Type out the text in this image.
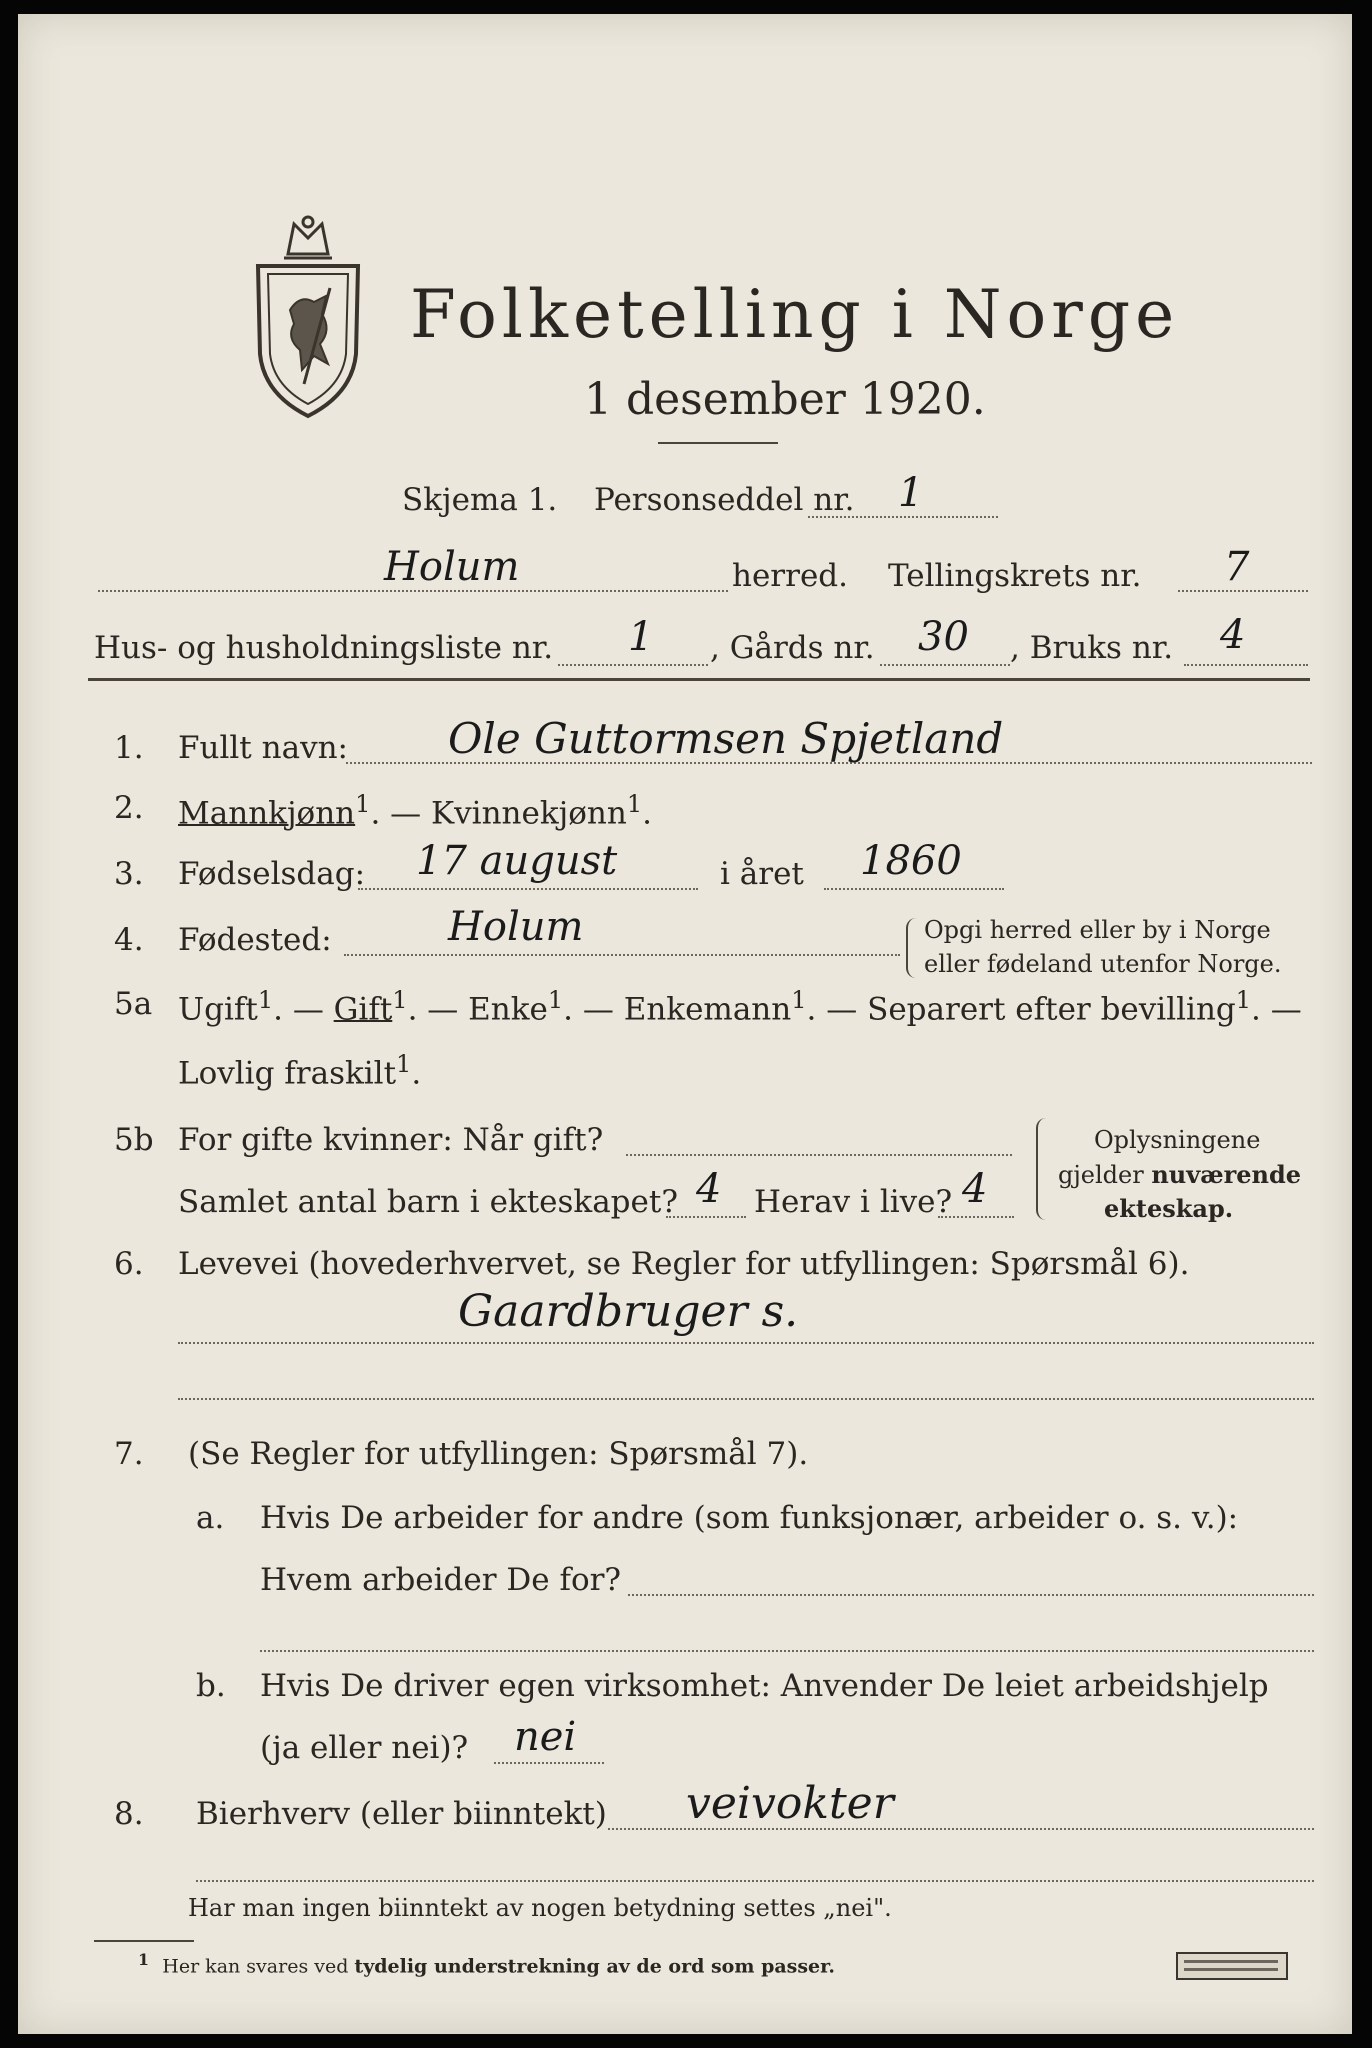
Folketelling i Norge
1 desember 1920.
Skjema 1. Personseddel nr. 1
Holum	herred. Tellingskrets nr. 7
Hus- og husholdningsliste nr. 1 , Gårds nr. 30 , Bruks nr. 4
1. Fullt navn: Ole Guttormsen Spjetland
2. Mannkjønn$^1$. — Kvinnekjønn$^1$.
3. Fødselsdag: 17 august	i året 1860
4. Fødested:	Holum	Opgi herred eller by i Norge
eller fødeland utenfor Norge.
5a Ugift$^1$. — Gift$^1$. — Enke$^1$. — Enkemann$^1$. — Separert efter bevilling$^1$. —
Lovlig fraskilt$^1$.
5b For gifte kvinner: Når gift?
Samlet antal barn i ekteskapet? 4 Herav i live? 4
Oplysningene
gjelder nuværende
ekteskap.
6. Levevei (hovederhvervet, se Regler for utfyllingen: Spørsmål 6).
Gaardbruger s.
7. (Se Regler for utfyllingen: Spørsmål 7).
a. Hvis De arbeider for andre (som funksjonær, arbeider o. s. v.):
Hvem arbeider De for?
b. Hvis De driver egen virksomhet: Anvender De leiet arbeidshjelp
(ja eller nei)? nei
8. Bierhverv (eller biinntekt) veivokter
Har man ingen biinntekt av nogen betydning settes „nei".
$^1$ Her kan svares ved tydelig understrekning av de ord som passer.
